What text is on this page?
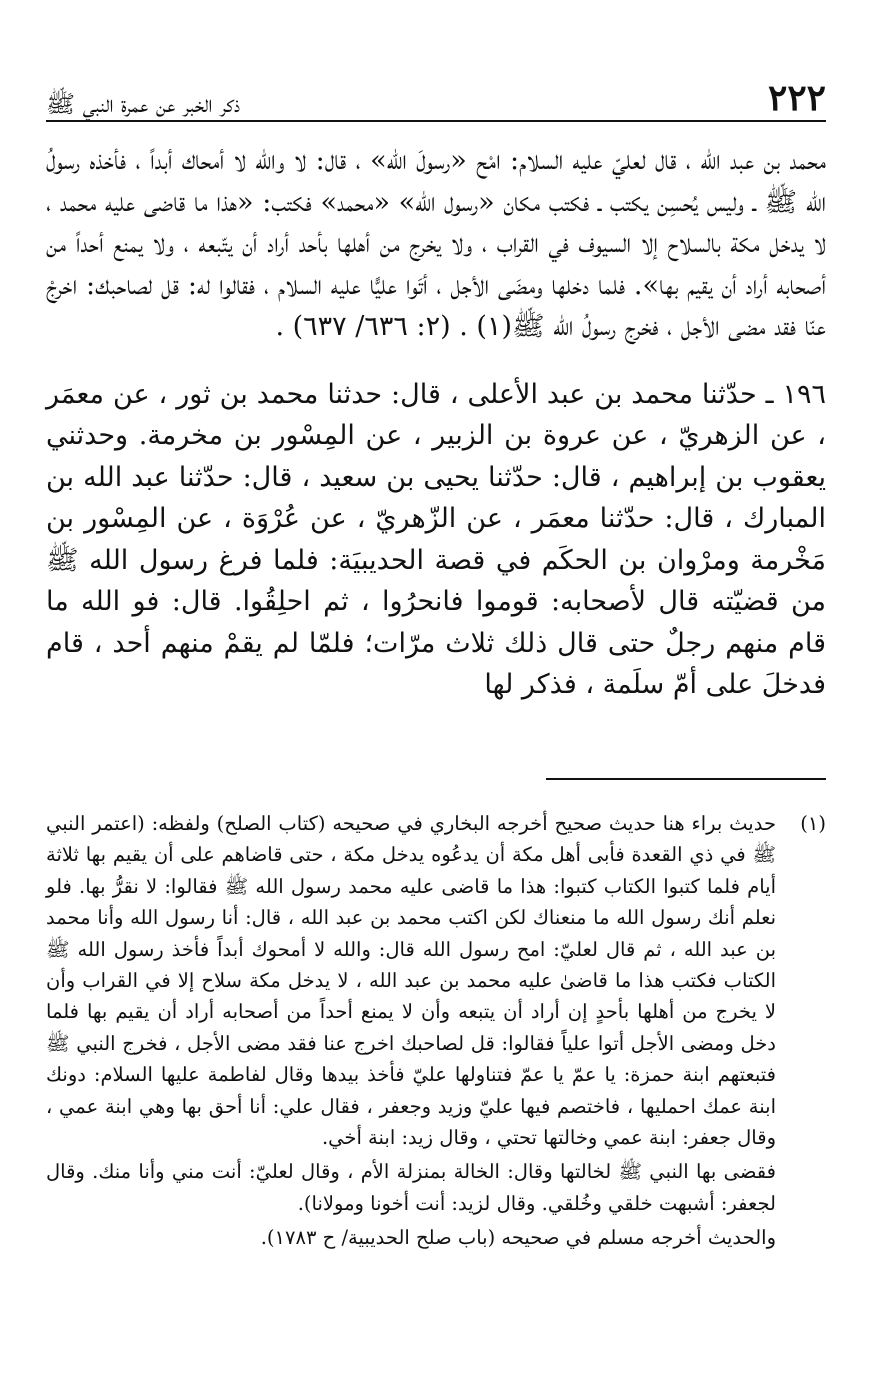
٢٢٢
ذكر الخبر عن عمرة النبي ﷺ

محمد بن عبد الله ، قال لعليّ عليه السلام: امْح «رسولَ الله» ، قال: لا والله لا أمحاك أبداً ، فأخذه رسولُ الله ﷺ ـ وليس يُحسِن يكتب ـ فكتب مكان «رسول الله» «محمد» فكتب: «هذا ما قاضى عليه محمد ، لا يدخل مكة بالسلاح إلا السيوف في القراب ، ولا يخرج من أهلها بأحد أراد أن يتّبعه ، ولا يمنع أحداً من أصحابه أراد أن يقيم بها». فلما دخلها ومضَى الأجل ، أتَوا عليًّا عليه السلام ، فقالوا له: قل لصاحبك: اخرجْ عنّا فقد مضى الأجل ، فخرج رسولُ الله ﷺ(١) . (٢: ٦٣٦/ ٦٣٧) .

١٩٦ ـ حدّثنا محمد بن عبد الأعلى ، قال: حدثنا محمد بن ثور ، عن معمَر ، عن الزهريّ ، عن عروة بن الزبير ، عن المِسْور بن مخرمة. وحدثني يعقوب بن إبراهيم ، قال: حدّثنا يحيى بن سعيد ، قال: حدّثنا عبد الله بن المبارك ، قال: حدّثنا معمَر ، عن الزّهريّ ، عن عُرْوَة ، عن المِسْور بن مَخْرمة ومرْوان بن الحكَم في قصة الحديبيَة: فلما فرغ رسول الله ﷺ من قضيّته قال لأصحابه: قوموا فانحرُوا ، ثم احلِقُوا. قال: فو الله ما قام منهم رجلٌ حتى قال ذلك ثلاث مرّات؛ فلمّا لم يقمْ منهم أحد ، قام فدخلَ على أمّ سلَمة ، فذكر لها

(١)

حديث براء هنا حديث صحيح أخرجه البخاري في صحيحه (كتاب الصلح) ولفظه: (اعتمر النبي ﷺ في ذي القعدة فأبى أهل مكة أن يدعُوه يدخل مكة ، حتى قاضاهم على أن يقيم بها ثلاثة أيام فلما كتبوا الكتاب كتبوا: هذا ما قاضى عليه محمد رسول الله ﷺ فقالوا: لا نقرُّ بها. فلو نعلم أنك رسول الله ما منعناك لكن اكتب محمد بن عبد الله ، قال: أنا رسول الله وأنا محمد بن عبد الله ، ثم قال لعليّ: امح رسول الله قال: والله لا أمحوك أبداً فأخذ رسول الله ﷺ الكتاب فكتب هذا ما قاضىٰ عليه محمد بن عبد الله ، لا يدخل مكة سلاح إلا في القراب وأن لا يخرج من أهلها بأحدٍ إن أراد أن يتبعه وأن لا يمنع أحداً من أصحابه أراد أن يقيم بها فلما دخل ومضى الأجل أتوا علياً فقالوا: قل لصاحبك اخرج عنا فقد مضى الأجل ، فخرج النبي ﷺ فتبعتهم ابنة حمزة: يا عمّ يا عمّ فتناولها عليّ فأخذ بيدها وقال لفاطمة عليها السلام: دونك ابنة عمك احمليها ، فاختصم فيها عليّ وزيد وجعفر ، فقال علي: أنا أحق بها وهي ابنة عمي ، وقال جعفر: ابنة عمي وخالتها تحتي ، وقال زيد: ابنة أخي.

فقضى بها النبي ﷺ لخالتها وقال: الخالة بمنزلة الأم ، وقال لعليّ: أنت مني وأنا منك. وقال لجعفر: أشبهت خلقي وخُلقي. وقال لزيد: أنت أخونا ومولانا).

والحديث أخرجه مسلم في صحيحه (باب صلح الحديبية/ ح ١٧٨٣).
